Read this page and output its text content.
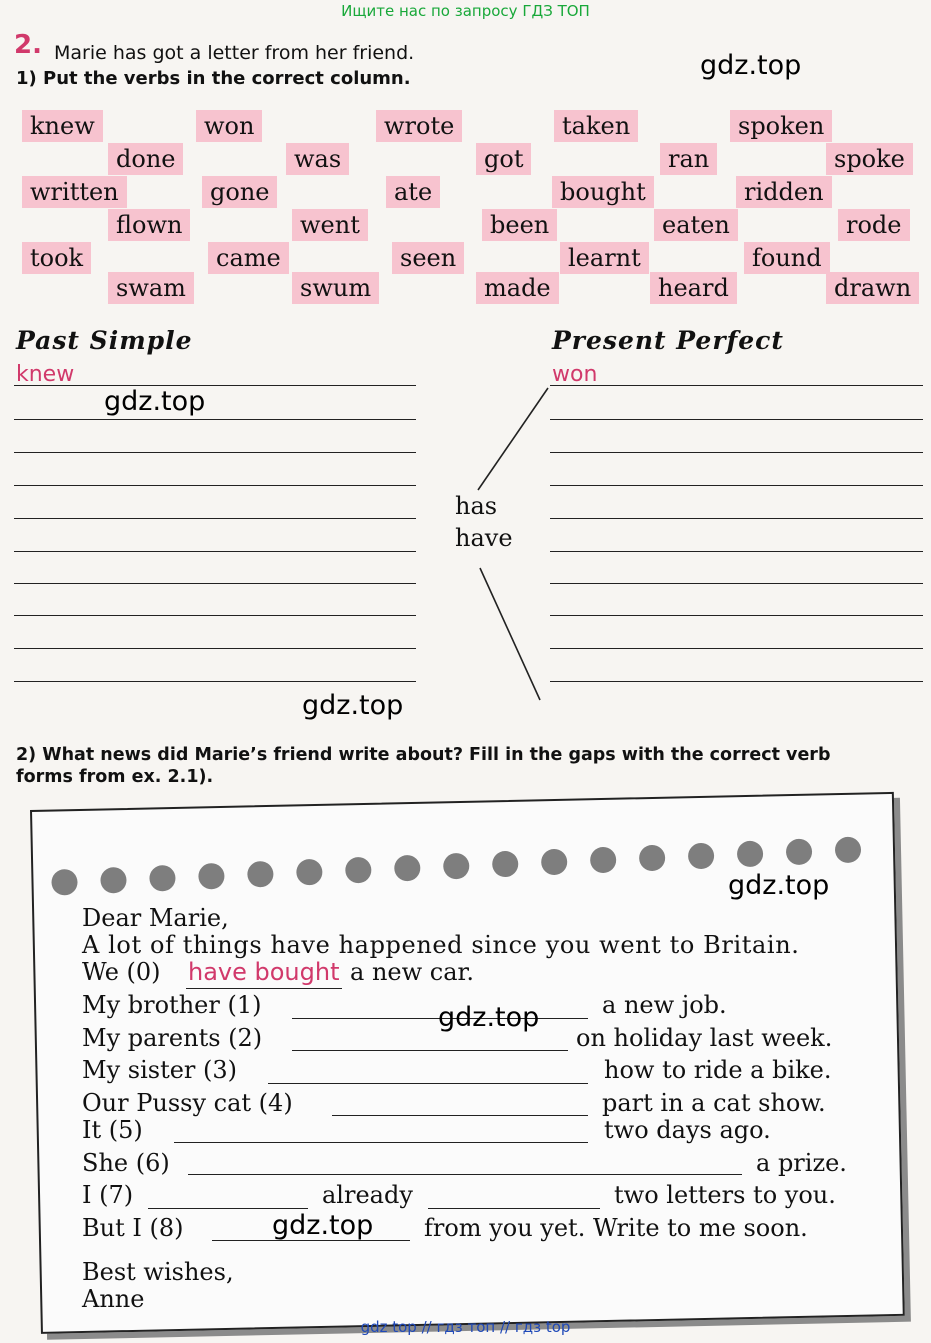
Ищите нас по запросу ГДЗ ТОП
2. Marie has got a letter from her friend.
1) Put the verbs in the correct column.	gdz.top
knew	won	wrote	taken	spoken
done	was	got	ran	spoke
written	gone	ate	bought	ridden
flown	went	been	eaten	rode
took	came	seen	learnt	found
swam	swum	made	heard	drawn
Past Simple	Present Perfect
knew	won
gdz.top
has
have
gdz.top
2) What news did Marie’s friend write about? Fill in the gaps with the correct verb
forms from ex. 2.1).
gdz.top
Dear Marie,
A lot of things have happened since you went to Britain.
We (0) have bought a new car.
My brother (1)	a new job.
gdz.top
My parents (2)	on holiday last week.
My sister (3)	how to ride a bike.
Our Pussy cat (4)	part in a cat show.
It (5)	two days ago.
She (6)	a prize.
I (7)	already	two letters to you.
But I (8)	gdz.top from you yet. Write to me soon.
Best wishes,
Anne
gdz top // гдз топ // гдз top
